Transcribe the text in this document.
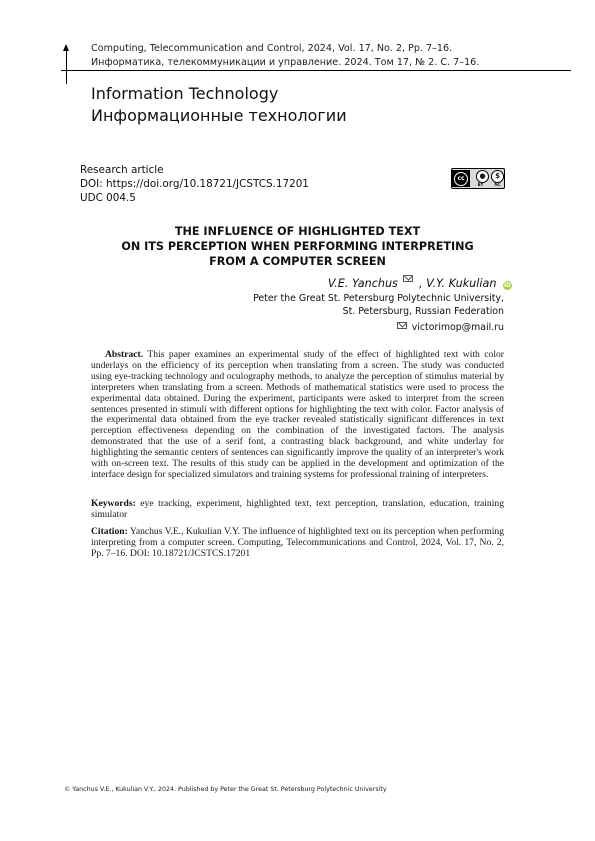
Computing, Telecommunication and Control, 2024, Vol. 17, No. 2, Pp. 7–16.
Информатика, телекоммуникации и управление. 2024. Том 17, № 2. С. 7–16.
Information Technology
Информационные технологии
Research article
DOI: https://doi.org/10.18721/JCSTCS.17201
UDC 004.5
cc	●
BY
$
NC
THE INFLUENCE OF HIGHLIGHTED TEXT
ON ITS PERCEPTION WHEN PERFORMING INTERPRETING
FROM A COMPUTER SCREEN
V.E. Yanchus , V.Y. Kukulian iD
Peter the Great St. Petersburg Polytechnic University,
St. Petersburg, Russian Federation
victorimop@mail.ru
Abstract. This paper examines an experimental study of the effect of highlighted text with color underlays on the efficiency of its perception when translating from a screen. The study was conducted using eye-tracking technology and oculography methods, to analyze the perception of stimulus material by interpreters when translating from a screen. Methods of mathematical statistics were used to process the experimental data obtained. During the experiment, participants were asked to interpret from the screen sentences presented in stimuli with different options for highlighting the text with color. Factor analysis of the experimental data obtained from the eye tracker revealed statistically significant differences in text perception effectiveness depending on the combination of the investigated factors. The analysis demonstrated that the use of a serif font, a contrasting black background, and white underlay for highlighting the semantic centers of sentences can significantly improve the quality of an interpreter's work with on-screen text. The results of this study can be applied in the development and optimization of the interface design for specialized simulators and training systems for professional training of interpreters.
Keywords: eye tracking, experiment, highlighted text, text perception, translation, education, training simulator
Citation: Yanchus V.E., Kukulian V.Y. The influence of highlighted text on its perception when performing interpreting from a computer screen. Computing, Telecommunications and Control, 2024, Vol. 17, No. 2, Pp. 7–16. DOI: 10.18721/JCSTCS.17201
© Yanchus V.E., Kukulian V.Y., 2024. Published by Peter the Great St. Petersburg Polytechnic University
